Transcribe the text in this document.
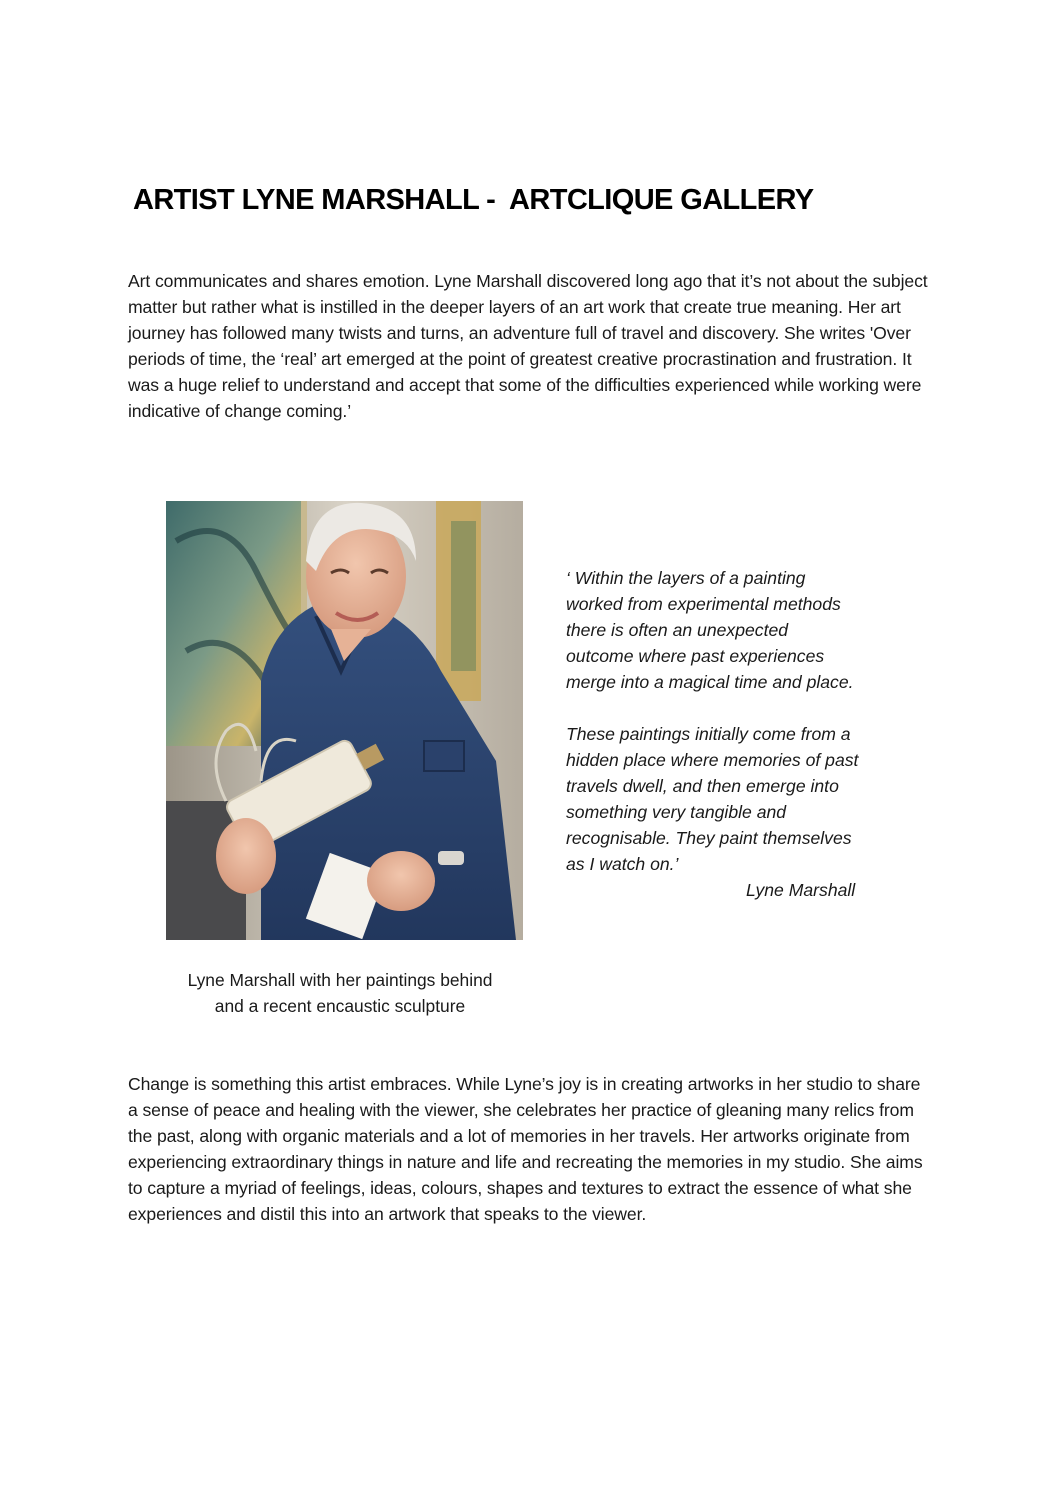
ARTIST LYNE MARSHALL -  ARTCLIQUE GALLERY

Art communicates and shares emotion. Lyne Marshall discovered long ago that it’s not about the subject matter but rather what is instilled in the deeper layers of an art work that create true meaning. Her art journey has followed many twists and turns, an adventure full of travel and discovery. She writes 'Over periods of time, the ‘real’ art emerged at the point of greatest creative procrastination and frustration. It was a huge relief to understand and accept that some of the difficulties experienced while working were indicative of change coming.’

Lyne Marshall with her paintings behind
and a recent encaustic sculpture

‘ Within the layers of a painting
worked from experimental methods
there is often an unexpected
outcome where past experiences
merge into a magical time and place.
These paintings initially come from a
hidden place where memories of past
travels dwell, and then emerge into
something very tangible and
recognisable. They paint themselves
as I watch on.’
Lyne Marshall

Change is something this artist embraces. While Lyne’s joy is in creating artworks in her studio to share a sense of peace and healing with the viewer, she celebrates her practice of gleaning many relics from the past, along with organic materials and a lot of memories in her travels. Her artworks originate from experiencing extraordinary things in nature and life and recreating the memories in my studio. She aims to capture a myriad of feelings, ideas, colours, shapes and textures to extract the essence of what she experiences and distil this into an artwork that speaks to the viewer.
